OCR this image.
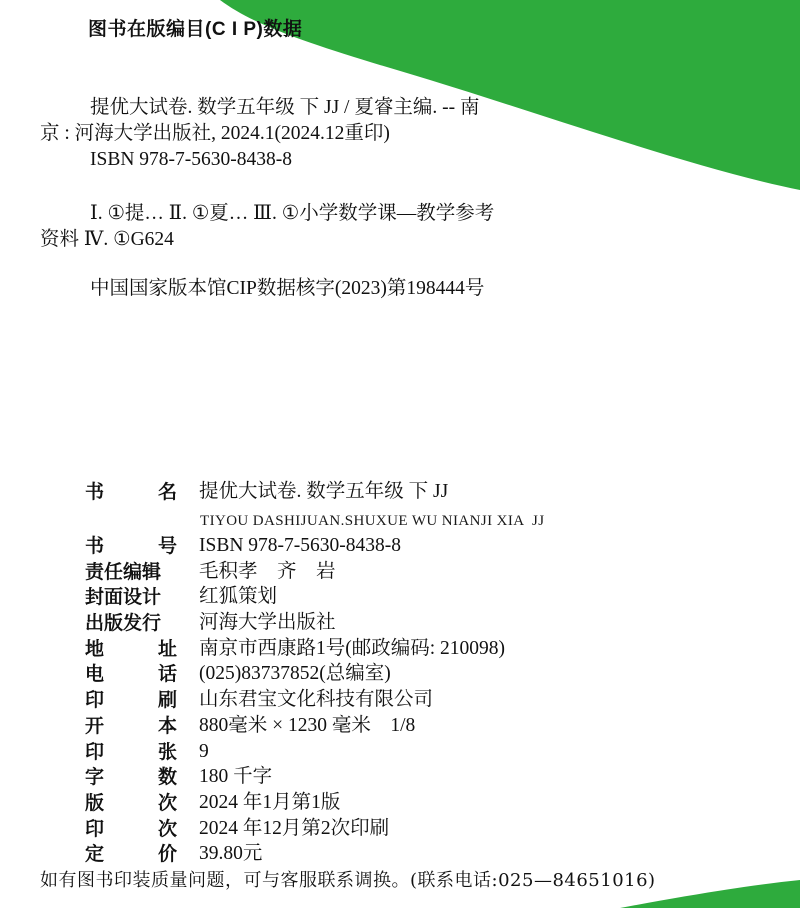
图书在版编目(C I P)数据
提优大试卷. 数学五年级 下 JJ / 夏睿主编. -- 南
京 : 河海大学出版社, 2024.1(2024.12重印)
ISBN 978-7-5630-8438-8
Ⅰ. ①提… Ⅱ. ①夏… Ⅲ. ①小学数学课—教学参考
资料 Ⅳ. ①G624
中国国家版本馆CIP数据核字(2023)第198444号
书	名 提优大试卷. 数学五年级 下 JJ
书	号 ISBN 978-7-5630-8438-8
责任编辑	毛积孝    齐    岩
封面设计	红狐策划
出版发行	河海大学出版社
地	址 南京市西康路1号(邮政编码: 210098)
电	话 (025)83737852(总编室)
印	刷 山东君宝文化科技有限公司
开	本 880毫米 × 1230 毫米    1/8
印	张 9
字	数 180 千字
版	次 2024 年1月第1版
印	次 2024 年12月第2次印刷
定	价 39.80元
TIYOU DASHIJUAN.SHUXUE WU NIANJI XIA  JJ
如有图书印装质量问题，可与客服联系调换。(联系电话:025—84651016)
